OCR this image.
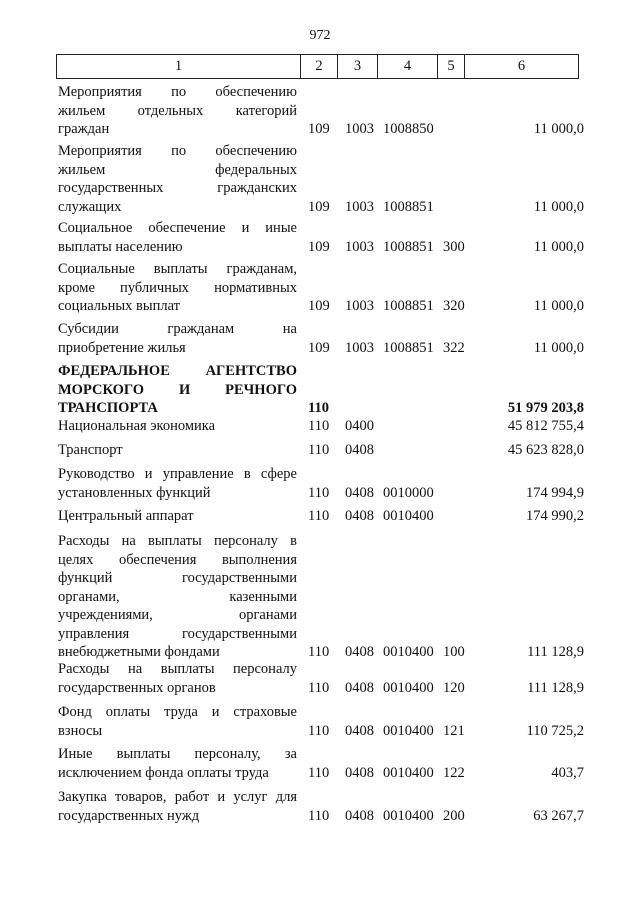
972
1	2	3	4	5	6
Мероприятия по обеспечению
жильем отдельных категорий
граждан	109 1003 1008850	11 000,0
Мероприятия по обеспечению
жильем федеральных
государственных гражданских
служащих	109 1003 1008851	11 000,0
Социальное обеспечение и иные
выплаты населению	109 1003 1008851 300	11 000,0
Социальные выплаты гражданам,
кроме публичных нормативных
социальных выплат	109 1003 1008851 320	11 000,0
Субсидии гражданам на
приобретение жилья	109 1003 1008851 322	11 000,0
ФЕДЕРАЛЬНОЕ АГЕНТСТВО
МОРСКОГО И РЕЧНОГО
ТРАНСПОРТА	110	51 979 203,8
Национальная экономика	110 0400	45 812 755,4
Транспорт	110 0408	45 623 828,0
Руководство и управление в сфере
установленных функций	110 0408 0010000	174 994,9
Центральный аппарат	110 0408 0010400	174 990,2
Расходы на выплаты персоналу в
целях обеспечения выполнения
функций государственными
органами, казенными
учреждениями, органами
управления государственными
внебюджетными фондами	110 0408 0010400 100	111 128,9
Расходы на выплаты персоналу
государственных органов	110 0408 0010400 120	111 128,9
Фонд оплаты труда и страховые
взносы	110 0408 0010400 121	110 725,2
Иные выплаты персоналу, за
исключением фонда оплаты труда	110 0408 0010400 122	403,7
Закупка товаров, работ и услуг для
государственных нужд	110 0408 0010400 200	63 267,7
